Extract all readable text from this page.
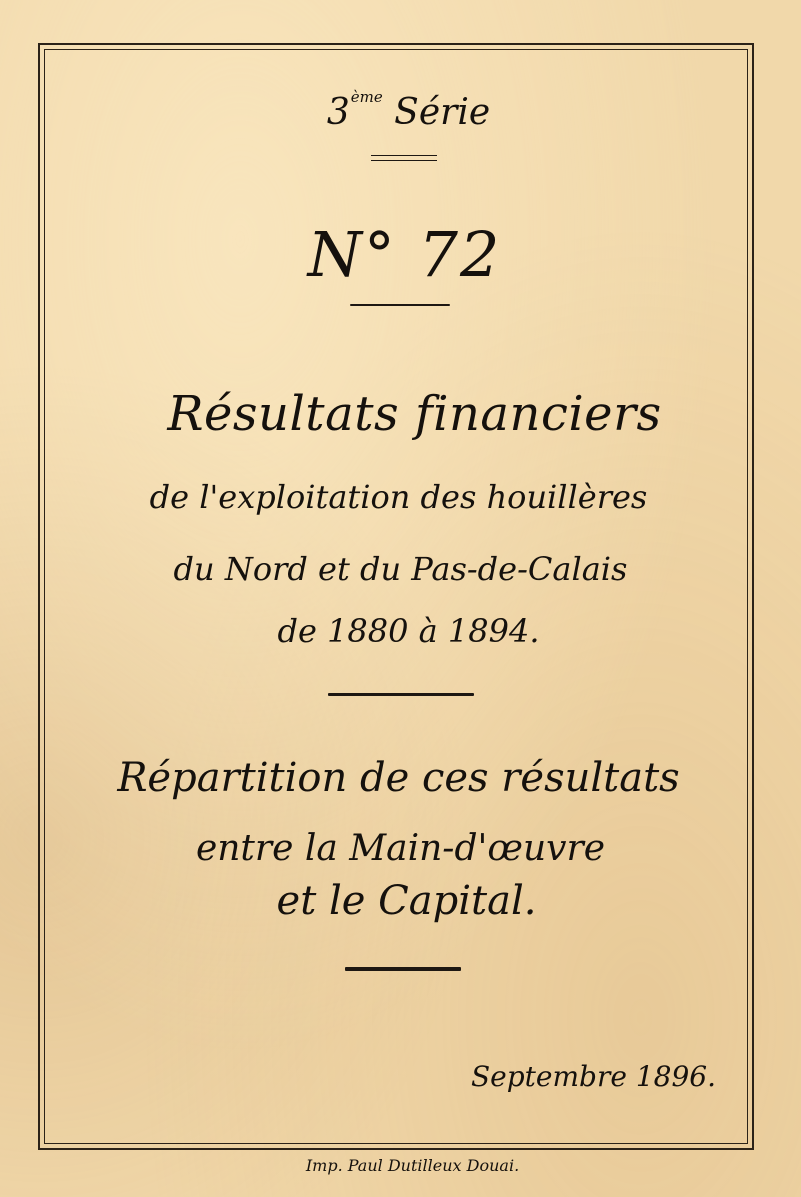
3ème Série
N° 72
Résultats financiers
de l'exploitation des houillères
du Nord et du Pas-de-Calais
de 1880 à 1894.
Répartition de ces résultats
entre la Main-d'œuvre
et le Capital.
Septembre 1896.
Imp. Paul Dutilleux Douai.
